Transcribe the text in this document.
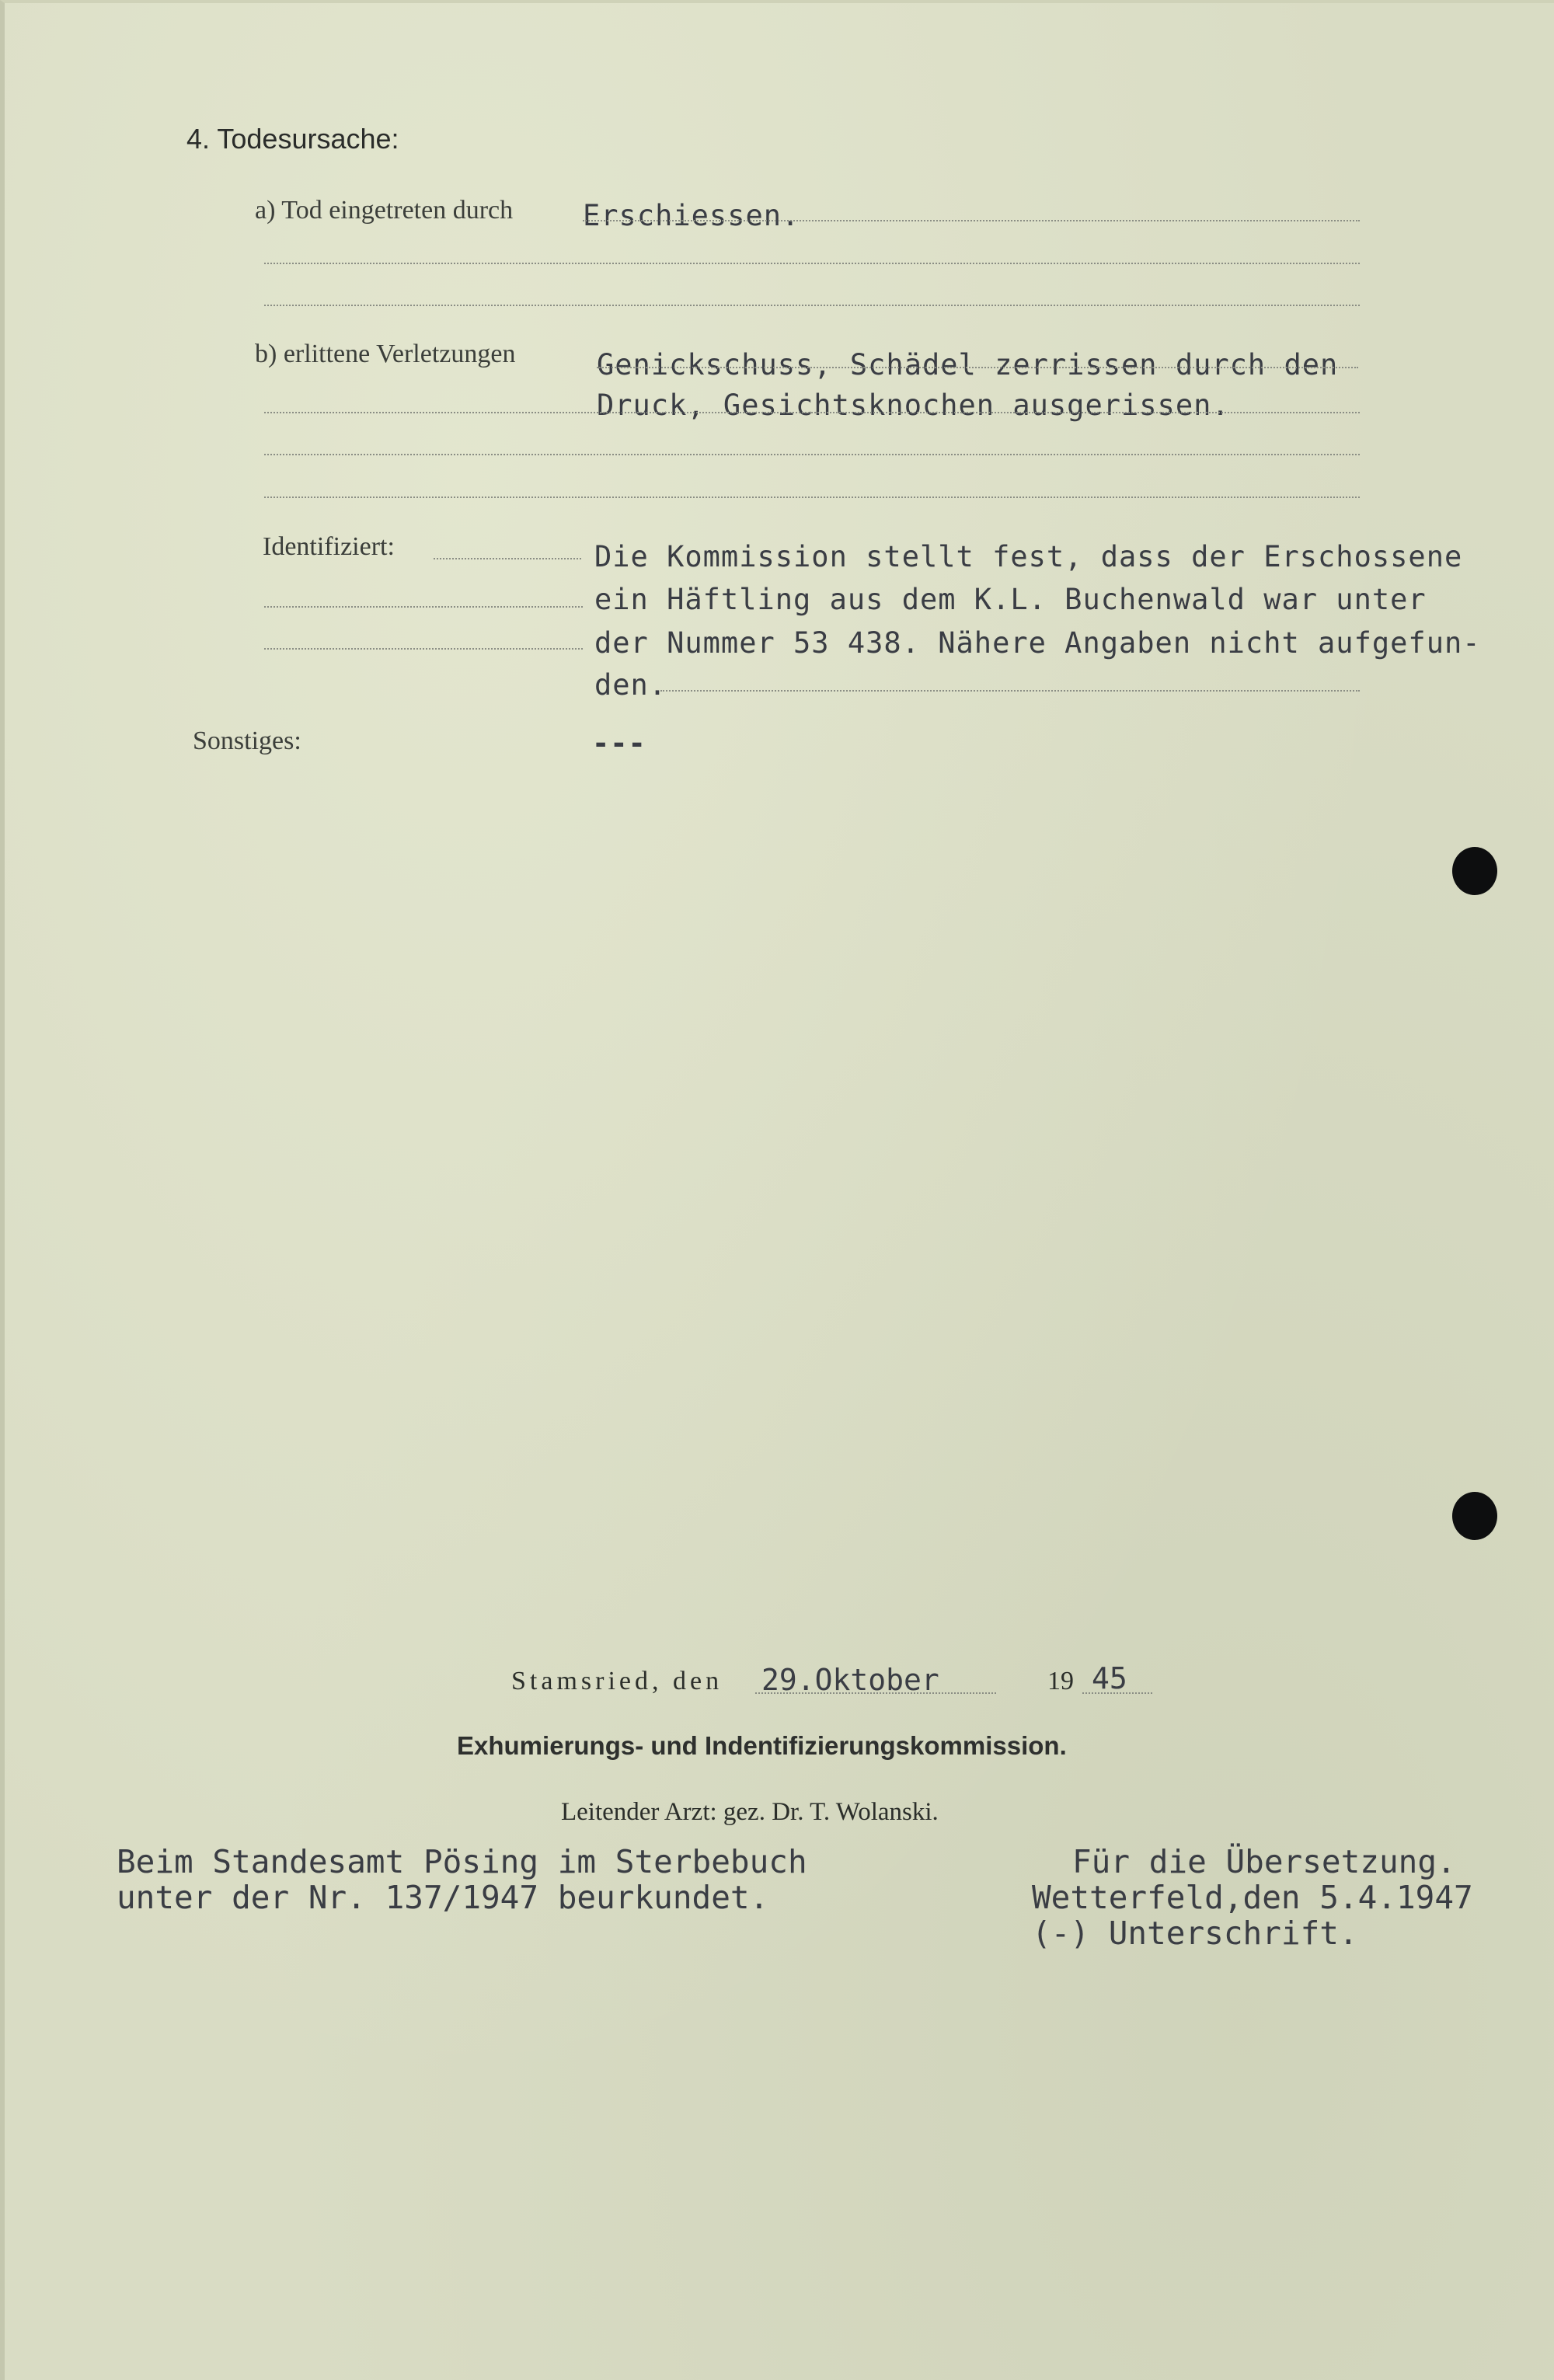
4. Todesursache:
a) Tod eingetreten durch Erschiessen.
b) erlittene Verletzungen	Genickschuss, Schädel zerrissen durch den
Druck, Gesichtsknochen ausgerissen.
Identifiziert:	Die Kommission stellt fest, dass der Erschossene
ein Häftling aus dem K.L. Buchenwald war unter
der Nummer 53 438. Nähere Angaben nicht aufgefun-
den.
Sonstiges:	---
Stamsried, den 29.Oktober	19 45
Exhumierungs- und Indentifizierungskommission.
Leitender Arzt: gez. Dr. T. Wolanski.
Beim Standesamt Pösing im Sterbebuch
unter der Nr. 137/1947 beurkundet.
Für die Übersetzung.
Wetterfeld,den 5.4.1947
(-) Unterschrift.
